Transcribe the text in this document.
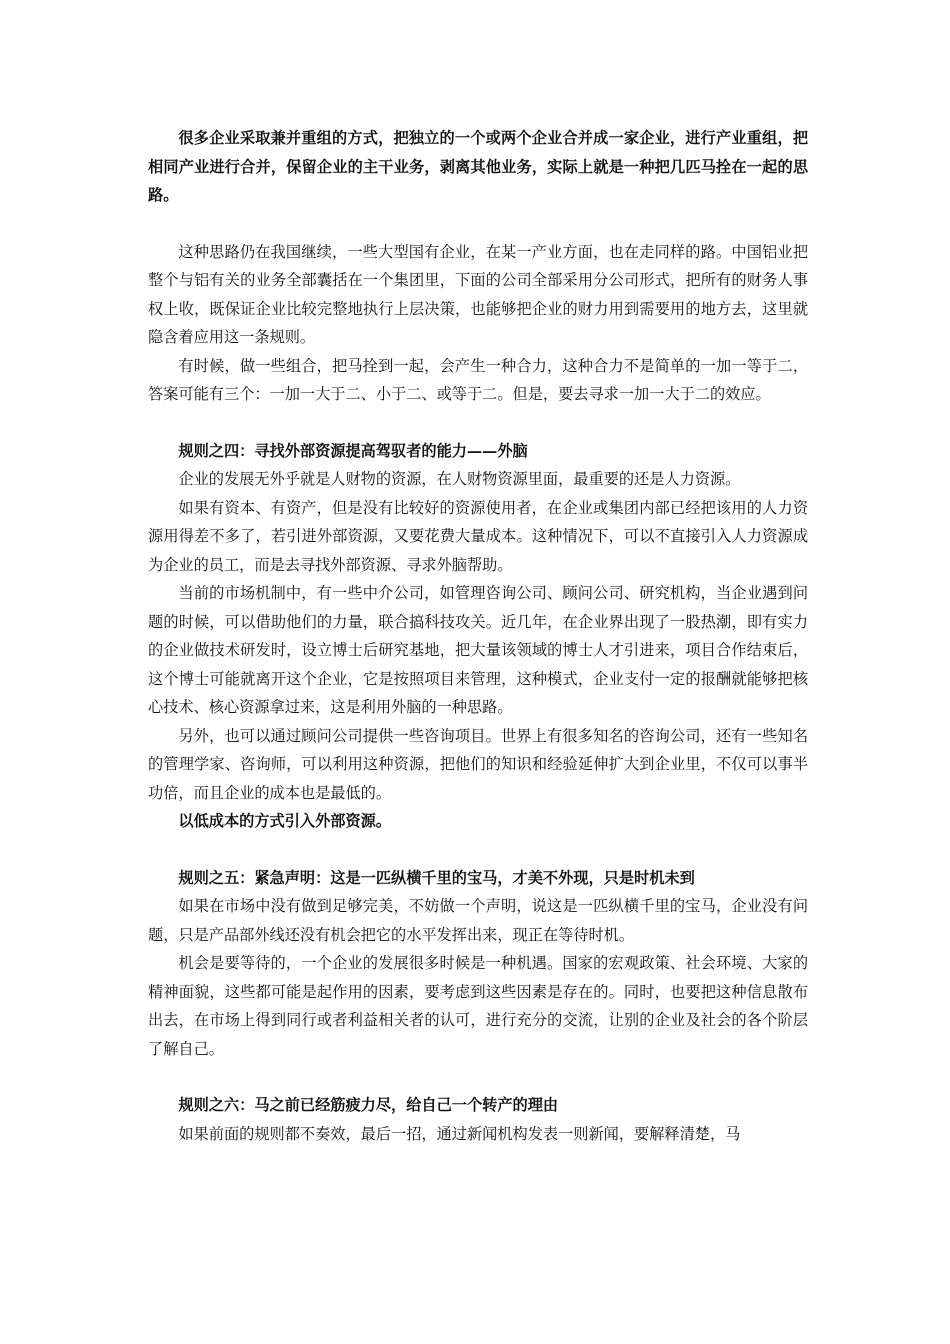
很多企业采取兼并重组的方式，把独立的一个或两个企业合并成一家企业，进行产业重组，把相同产业进行合并，保留企业的主干业务，剥离其他业务，实际上就是一种把几匹马拴在一起的思路。

这种思路仍在我国继续，一些大型国有企业，在某一产业方面，也在走同样的路。中国铝业把整个与铝有关的业务全部囊括在一个集团里，下面的公司全部采用分公司形式，把所有的财务人事权上收，既保证企业比较完整地执行上层决策，也能够把企业的财力用到需要用的地方去，这里就隐含着应用这一条规则。

有时候，做一些组合，把马拴到一起，会产生一种合力，这种合力不是简单的一加一等于二，答案可能有三个：一加一大于二、小于二、或等于二。但是，要去寻求一加一大于二的效应。

规则之四：寻找外部资源提高驾驭者的能力——外脑

企业的发展无外乎就是人财物的资源，在人财物资源里面，最重要的还是人力资源。

如果有资本、有资产，但是没有比较好的资源使用者，在企业或集团内部已经把该用的人力资源用得差不多了，若引进外部资源，又要花费大量成本。这种情况下，可以不直接引入人力资源成为企业的员工，而是去寻找外部资源、寻求外脑帮助。

当前的市场机制中，有一些中介公司，如管理咨询公司、顾问公司、研究机构，当企业遇到问题的时候，可以借助他们的力量，联合搞科技攻关。近几年，在企业界出现了一股热潮，即有实力的企业做技术研发时，设立博士后研究基地，把大量该领域的博士人才引进来，项目合作结束后，这个博士可能就离开这个企业，它是按照项目来管理，这种模式，企业支付一定的报酬就能够把核心技术、核心资源拿过来，这是利用外脑的一种思路。

另外，也可以通过顾问公司提供一些咨询项目。世界上有很多知名的咨询公司，还有一些知名的管理学家、咨询师，可以利用这种资源，把他们的知识和经验延伸扩大到企业里，不仅可以事半功倍，而且企业的成本也是最低的。

以低成本的方式引入外部资源。

规则之五：紧急声明：这是一匹纵横千里的宝马，才美不外现，只是时机未到

如果在市场中没有做到足够完美，不妨做一个声明，说这是一匹纵横千里的宝马，企业没有问题，只是产品部外线还没有机会把它的水平发挥出来，现正在等待时机。

机会是要等待的，一个企业的发展很多时候是一种机遇。国家的宏观政策、社会环境、大家的精神面貌，这些都可能是起作用的因素，要考虑到这些因素是存在的。同时，也要把这种信息散布出去，在市场上得到同行或者利益相关者的认可，进行充分的交流，让别的企业及社会的各个阶层了解自己。

规则之六：马之前已经筋疲力尽，给自己一个转产的理由

如果前面的规则都不奏效，最后一招，通过新闻机构发表一则新闻，要解释清楚，马
